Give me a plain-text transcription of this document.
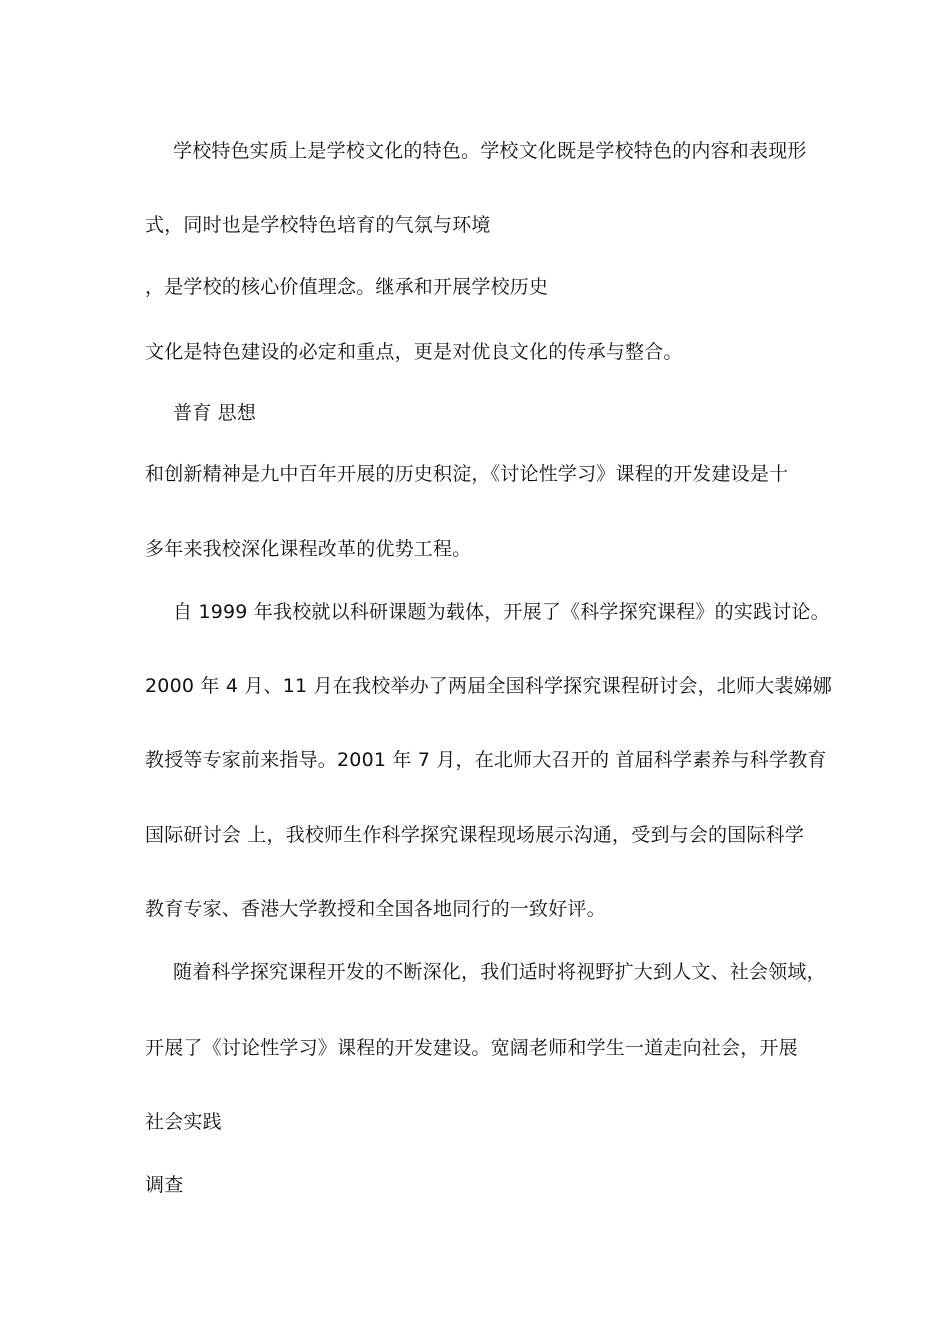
学校特色实质上是学校文化的特色。学校文化既是学校特色的内容和表现形
式，同时也是学校特色培育的气氛与环境
，是学校的核心价值理念。继承和开展学校历史
文化是特色建设的必定和重点，更是对优良文化的传承与整合。
普育 思想
和创新精神是九中百年开展的历史积淀，《讨论性学习》课程的开发建设是十
多年来我校深化课程改革的优势工程。
自 1999 年我校就以科研课题为载体，开展了《科学探究课程》的实践讨论。
2000 年 4 月、11 月在我校举办了两届全国科学探究课程研讨会，北师大裴娣娜
教授等专家前来指导。2001 年 7 月，在北师大召开的 首届科学素养与科学教育
国际研讨会 上，我校师生作科学探究课程现场展示沟通，受到与会的国际科学
教育专家、香港大学教授和全国各地同行的一致好评。
随着科学探究课程开发的不断深化，我们适时将视野扩大到人文、社会领域，
开展了《讨论性学习》课程的开发建设。宽阔老师和学生一道走向社会，开展
社会实践
调查
